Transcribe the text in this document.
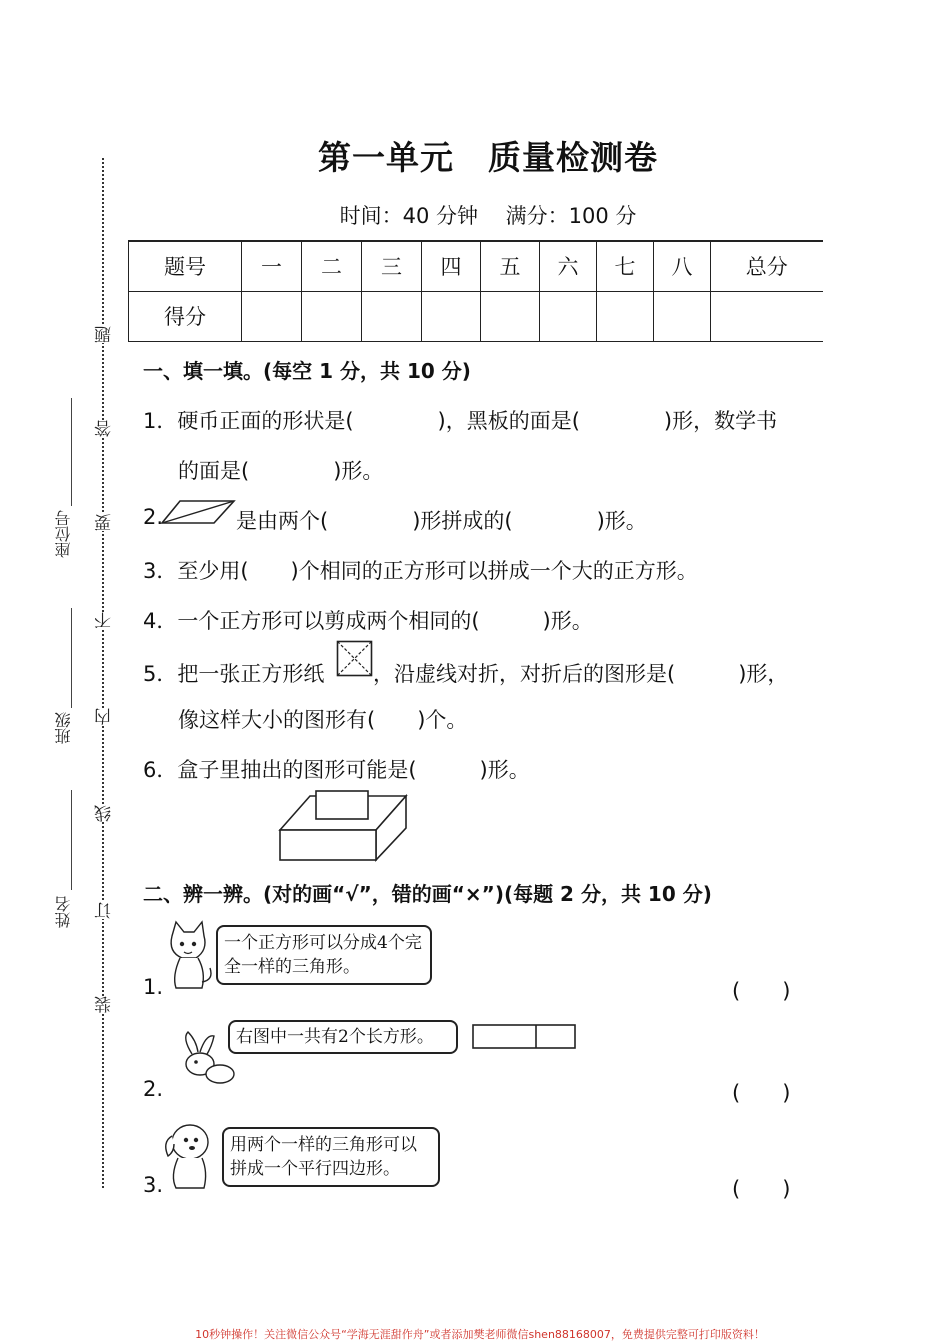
装
订
线
内
不
要
答
题
姓名
班级
座位号
第一单元　质量检测卷
时间：40 分钟　 满分：100 分
题号	一	二	三	四	五	六	七	八	总分
得分									
一、填一填。(每空 1 分，共 10 分)
1．硬币正面的形状是(　　　　)，黑板的面是(　　　　)形，数学书
的面是(　　　　)形。
2.	是由两个(　　　　)形拼成的(　　　　)形。
3．至少用(　　)个相同的正方形可以拼成一个大的正方形。
4．一个正方形可以剪成两个相同的(　　　)形。
5．把一张正方形纸 ，沿虚线对折，对折后的图形是(　　　)形，
像这样大小的图形有(　　)个。
6．盒子里抽出的图形可能是(　　　)形。
二、辨一辨。(对的画“√”，错的画“×”)(每题 2 分，共 10 分)
一个正方形可以分成4个完全一样的三角形。
1.	(　　)
右图中一共有2个长方形。
2.	(　　)
用两个一样的三角形可以拼成一个平行四边形。
3.	(　　)
10秒钟操作！关注微信公众号“学海无涯甜作舟”或者添加樊老师微信shen88168007，免费提供完整可打印版资料！
